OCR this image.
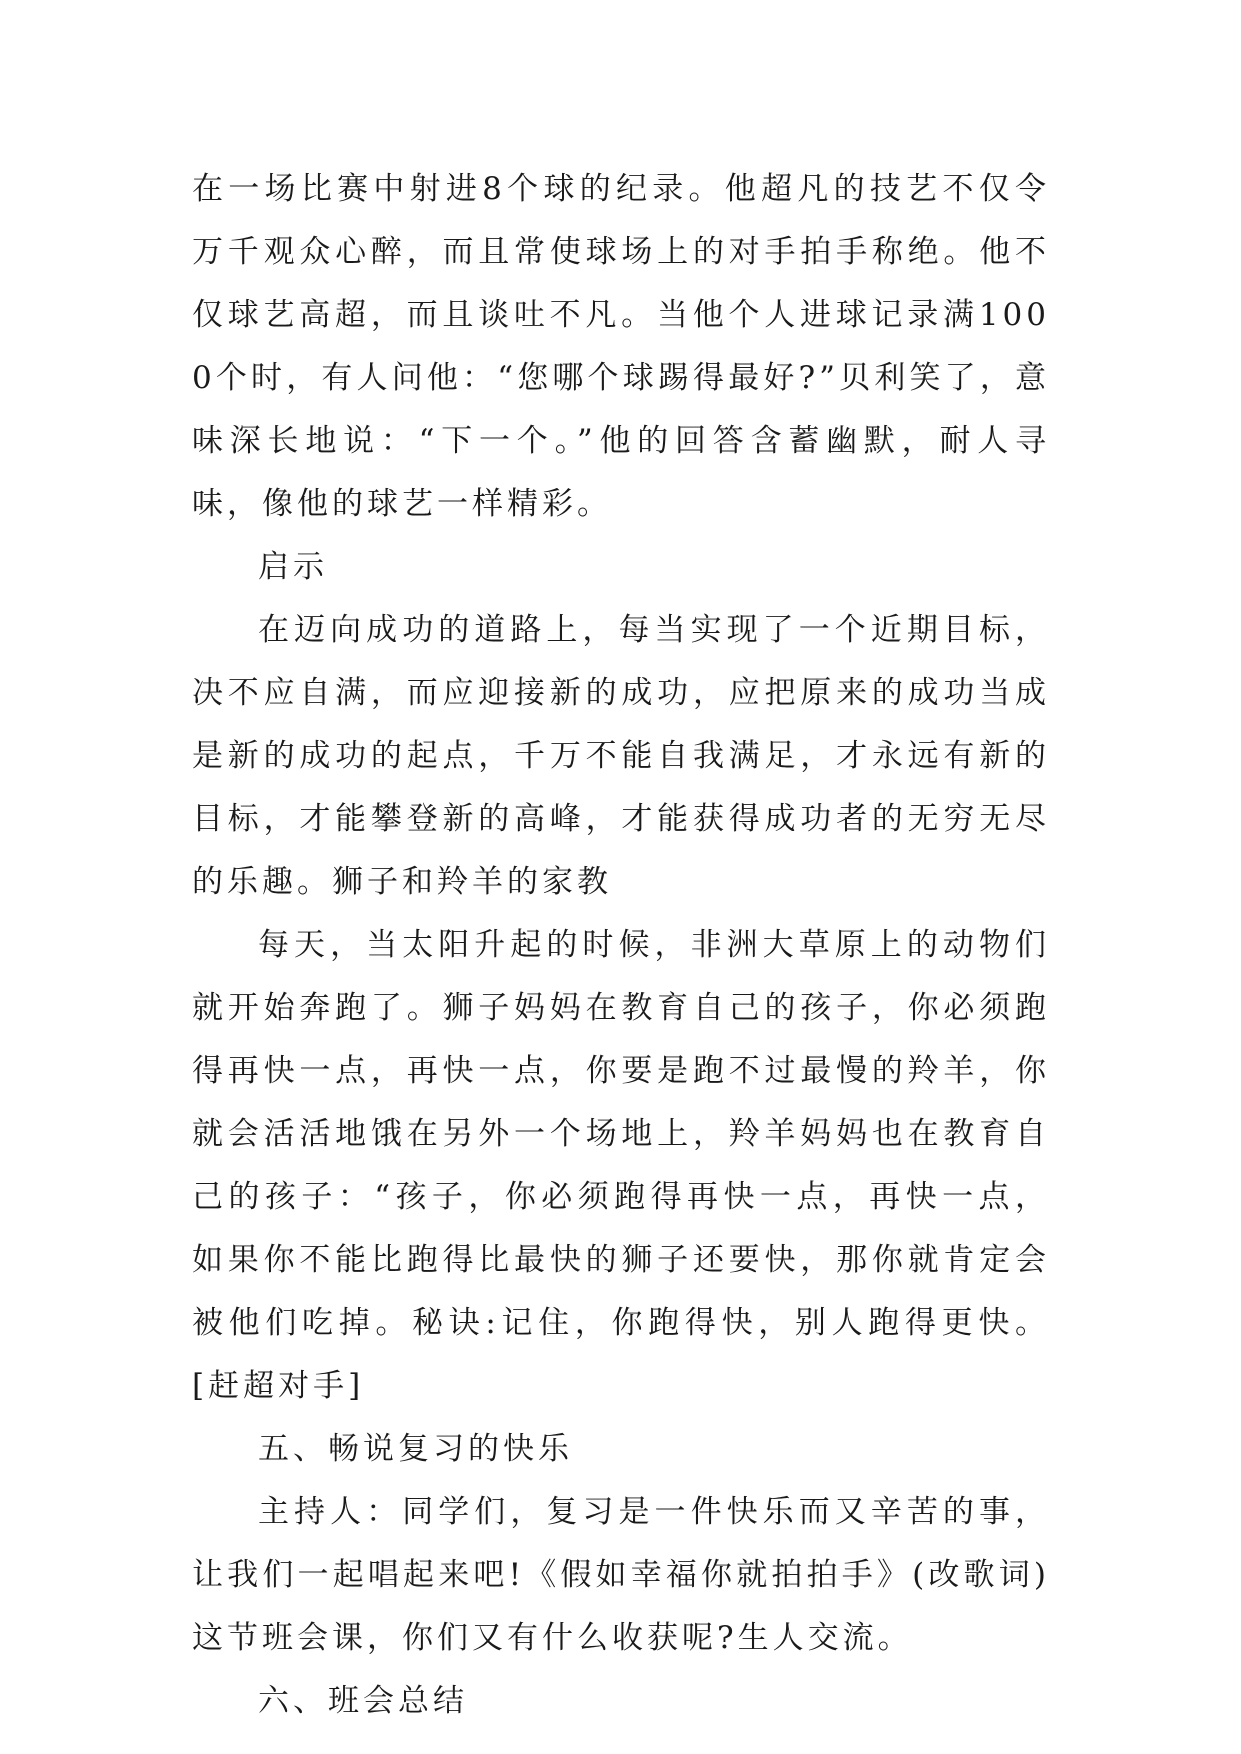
在一场比赛中射进8个球的纪录。他超凡的技艺不仅令万千观众心醉，而且常使球场上的对手拍手称绝。他不仅球艺高超，而且谈吐不凡。当他个人进球记录满1000个时，有人问他：“您哪个球踢得最好?”贝利笑了，意味深长地说：“下一个。”他的回答含蓄幽默，耐人寻味，像他的球艺一样精彩。

启示

在迈向成功的道路上，每当实现了一个近期目标，决不应自满，而应迎接新的成功，应把原来的成功当成是新的成功的起点，千万不能自我满足，才永远有新的目标，才能攀登新的高峰，才能获得成功者的无穷无尽的乐趣。狮子和羚羊的家教

每天，当太阳升起的时候，非洲大草原上的动物们就开始奔跑了。狮子妈妈在教育自己的孩子，你必须跑得再快一点，再快一点，你要是跑不过最慢的羚羊，你就会活活地饿在另外一个场地上，羚羊妈妈也在教育自己的孩子：“孩子，你必须跑得再快一点，再快一点，如果你不能比跑得比最快的狮子还要快，那你就肯定会被他们吃掉。秘诀:记住，你跑得快，别人跑得更快。[赶超对手]

五、畅说复习的快乐

主持人：同学们，复习是一件快乐而又辛苦的事，让我们一起唱起来吧!《假如幸福你就拍拍手》(改歌词)这节班会课，你们又有什么收获呢?生人交流。

六、班会总结
